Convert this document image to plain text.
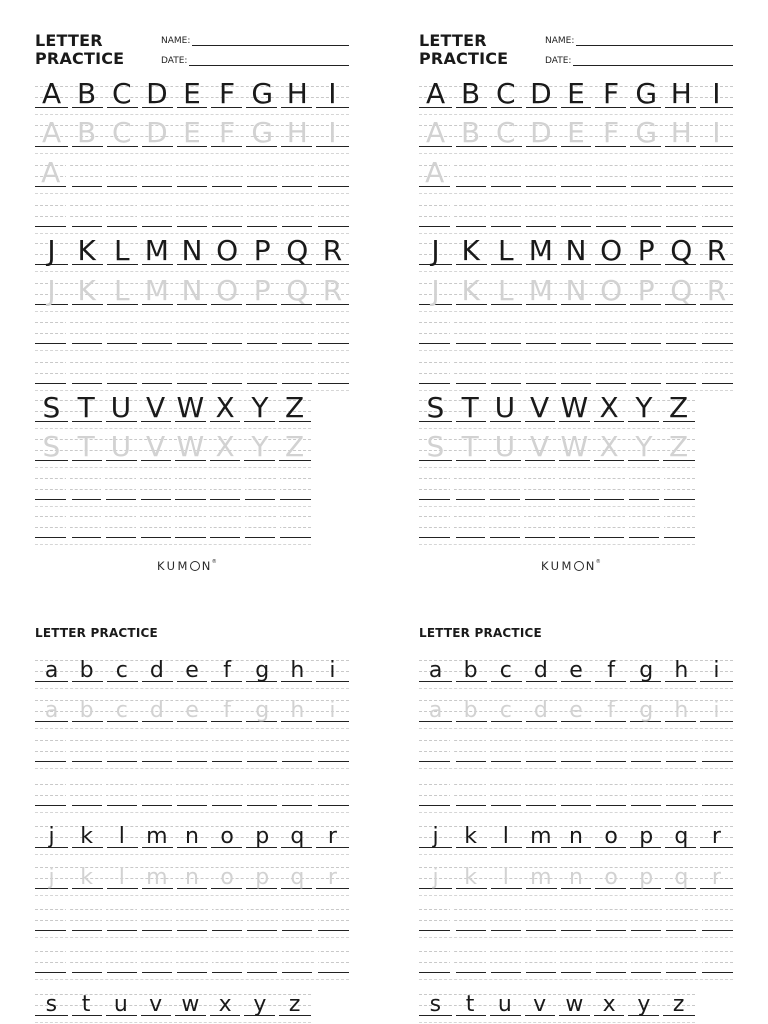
LETTER
PRACTICE
NAME:
DATE:
A B C D E F G H I
A B C D E F G H I
A
J K L M N O P Q R
J K L M N O P Q R
S T U V W X Y Z
S T U V W X Y Z
KUM N ®
LETTER
PRACTICE
NAME:
DATE:
A B C D E F G H I
A B C D E F G H I
A
J K L M N O P Q R
J K L M N O P Q R
S T U V W X Y Z
S T U V W X Y Z
KUM N ®
LETTER PRACTICE
a b c d e f g h i
a b c d e f g h i
j k l m n o p q r
j k l m n o p q r
s t u v w x y z
LETTER PRACTICE
a b c d e f g h i
a b c d e f g h i
j k l m n o p q r
j k l m n o p q r
s t u v w x y z
